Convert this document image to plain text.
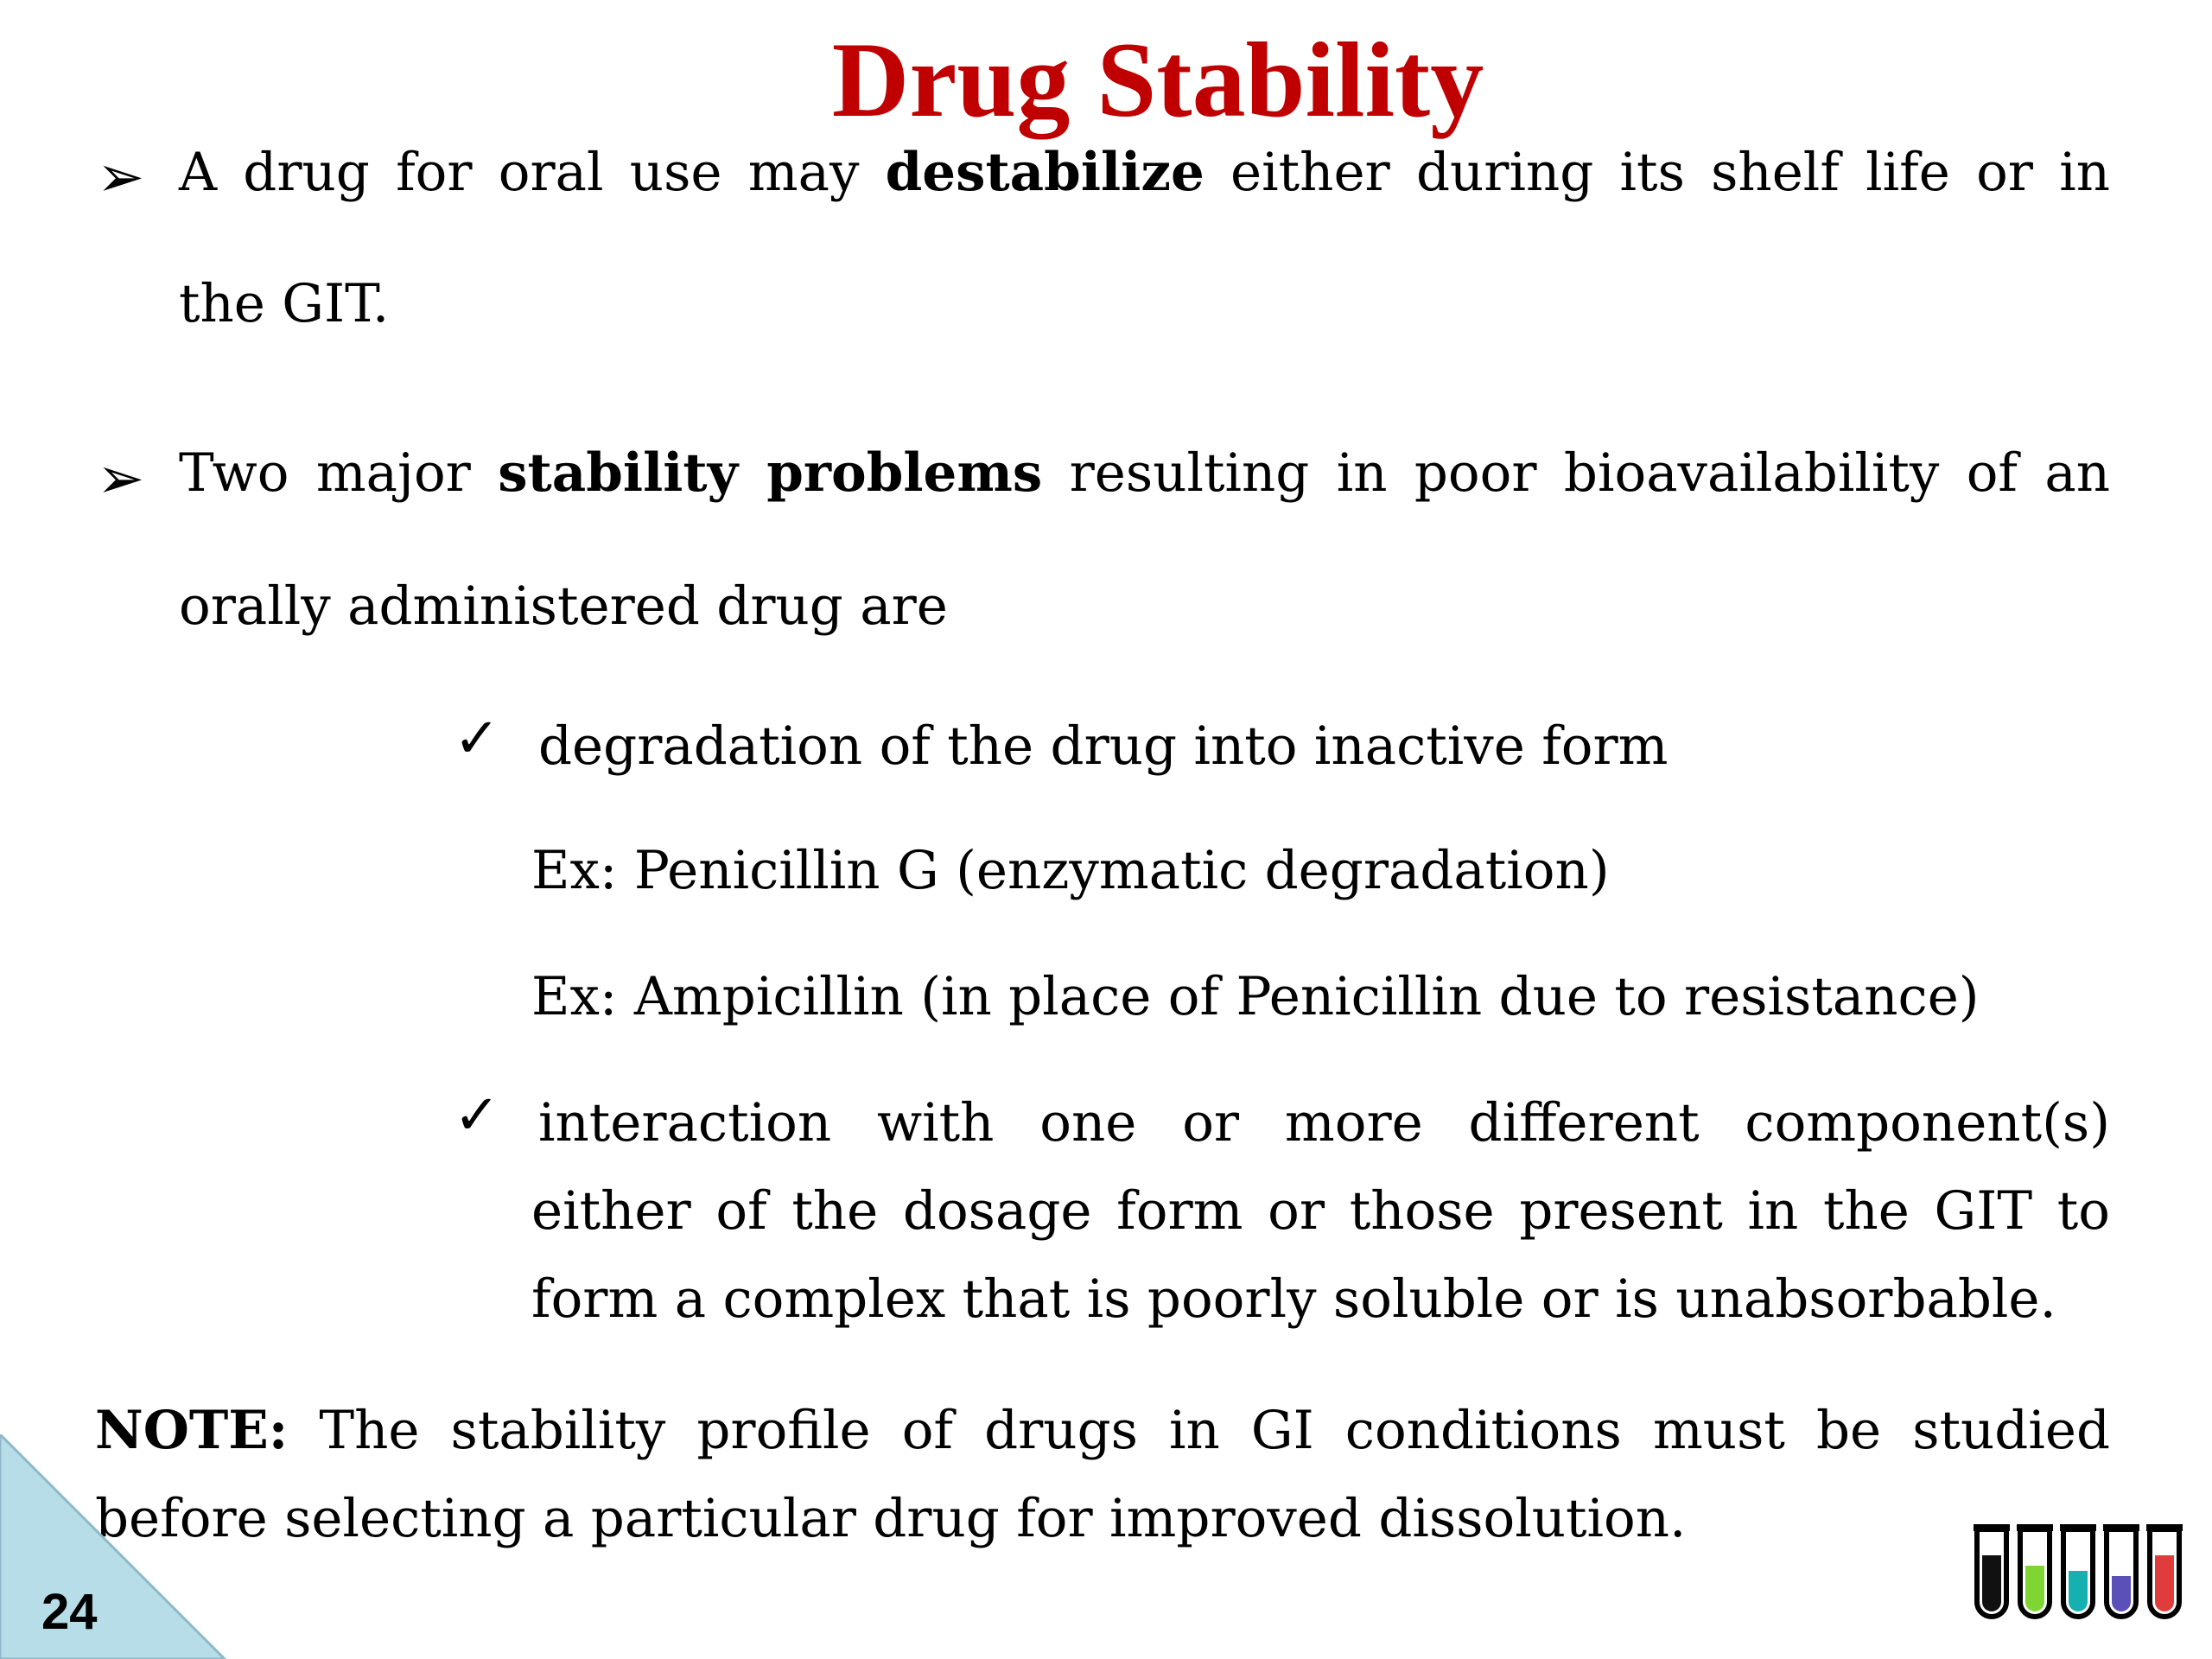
Drug Stability
➢ A drug for oral use may destabilize either during its shelf life or in
the GIT.
➢ Two major stability problems resulting in poor bioavailability of an
orally administered drug are
✓ degradation of the drug into inactive form
Ex: Penicillin G (enzymatic degradation)
Ex: Ampicillin (in place of Penicillin due to resistance)
✓ interaction with one or more different component(s)
either of the dosage form or those present in the GIT to
form a complex that is poorly soluble or is unabsorbable.
NOTE: The stability profile of drugs in GI conditions must be studied
before selecting a particular drug for improved dissolution.
24
